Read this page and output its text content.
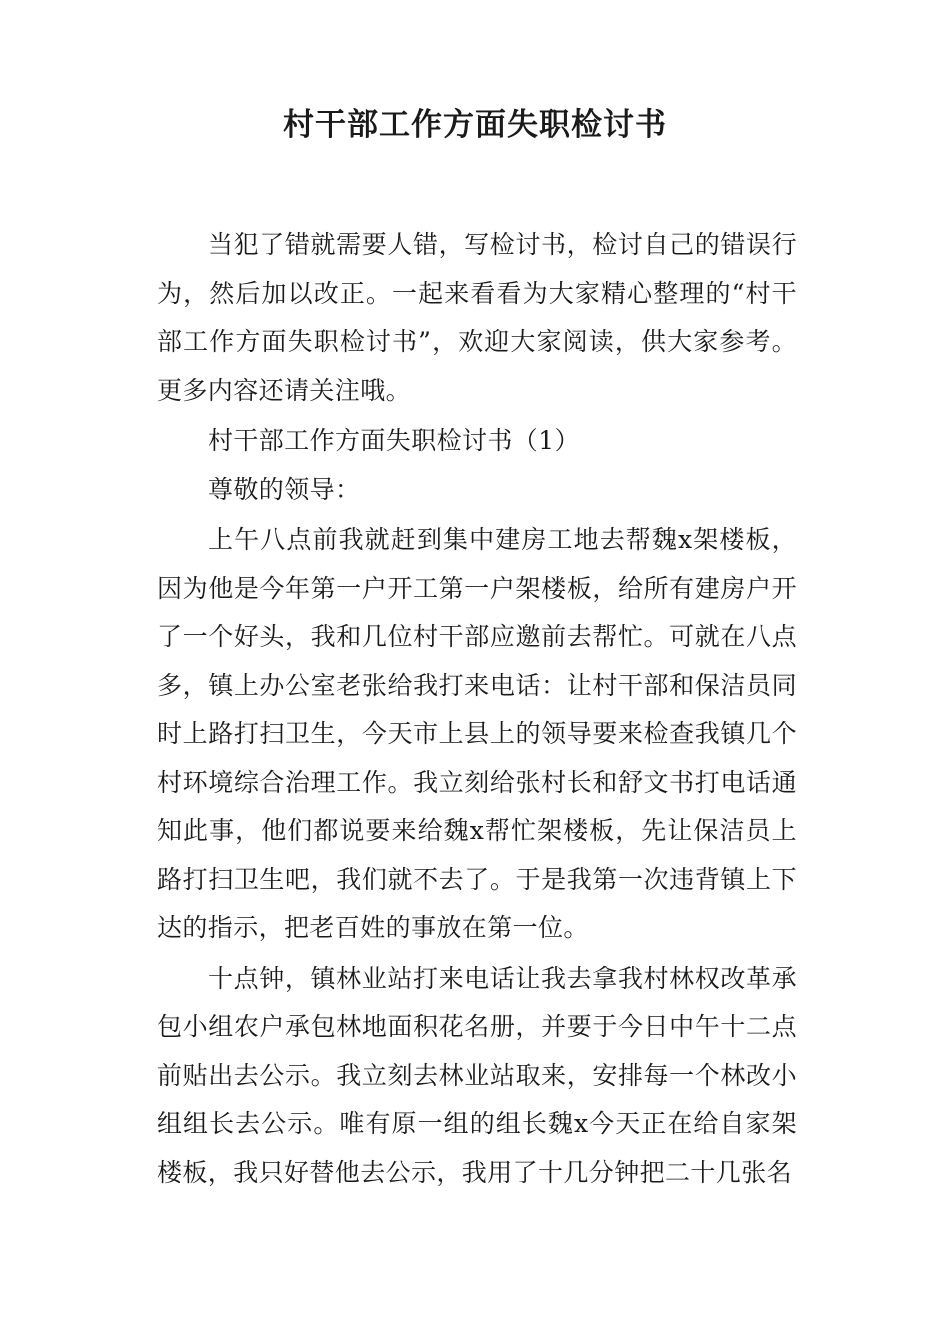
村干部工作方面失职检讨书

当犯了错就需要人错，写检讨书，检讨自己的错误行为，然后加以改正。一起来看看为大家精心整理的“村干部工作方面失职检讨书”，欢迎大家阅读，供大家参考。更多内容还请关注哦。

村干部工作方面失职检讨书（1）

尊敬的领导：

上午八点前我就赶到集中建房工地去帮魏x架楼板，因为他是今年第一户开工第一户架楼板，给所有建房户开了一个好头，我和几位村干部应邀前去帮忙。可就在八点多，镇上办公室老张给我打来电话：让村干部和保洁员同时上路打扫卫生，今天市上县上的领导要来检查我镇几个村环境综合治理工作。我立刻给张村长和舒文书打电话通知此事，他们都说要来给魏x帮忙架楼板，先让保洁员上路打扫卫生吧，我们就不去了。于是我第一次违背镇上下达的指示，把老百姓的事放在第一位。

十点钟，镇林业站打来电话让我去拿我村林权改革承包小组农户承包林地面积花名册，并要于今日中午十二点前贴出去公示。我立刻去林业站取来，安排每一个林改小组组长去公示。唯有原一组的组长魏x今天正在给自家架楼板，我只好替他去公示，我用了十几分钟把二十几张名
